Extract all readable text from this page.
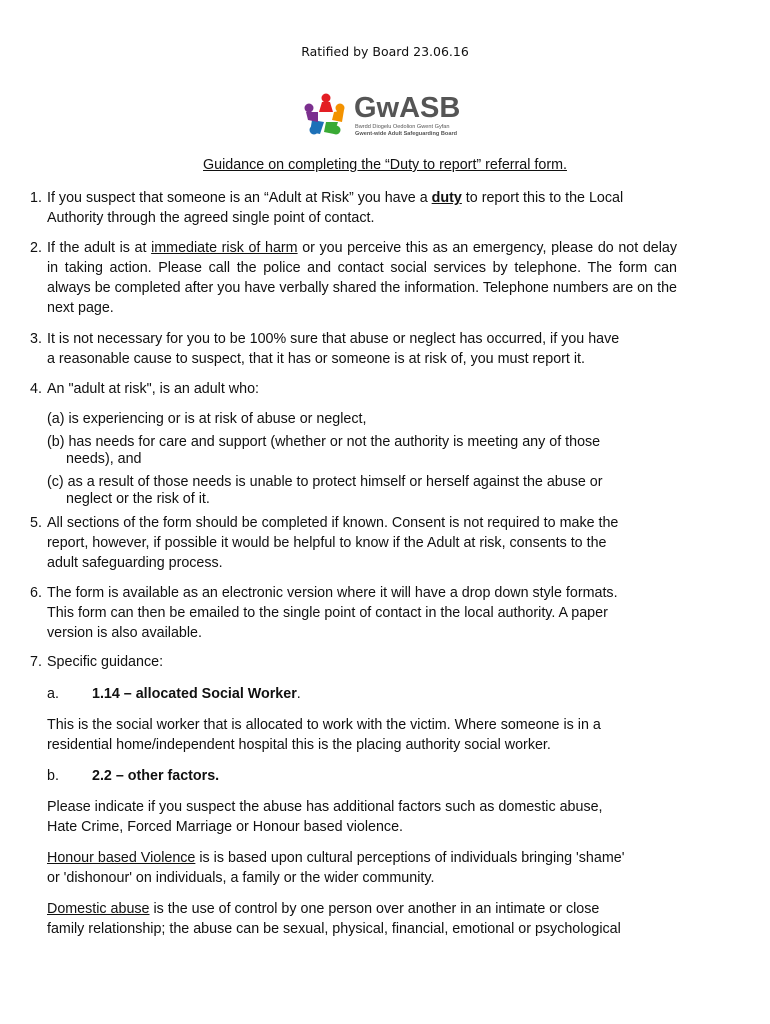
Ratified by Board 23.06.16
GwASB
Bwrdd Diogelu Oedolion Gwent Gyfan
Gwent-wide Adult Safeguarding Board
Guidance on completing the “Duty to report” referral form.
1. If you suspect that someone is an “Adult at Risk” you have a duty to report this to the Local
Authority through the agreed single point of contact.
2. If the adult is at immediate risk of harm or you perceive this as an emergency, please do not delay in taking action. Please call the police and contact social services by telephone. The form can always be completed after you have verbally shared the information. Telephone numbers are on the next page.
3. It is not necessary for you to be 100% sure that abuse or neglect has occurred, if you have
a reasonable cause to suspect, that it has or someone is at risk of, you must report it.
4. An "adult at risk", is an adult who:
(a) is experiencing or is at risk of abuse or neglect,
(b) has needs for care and support (whether or not the authority is meeting any of those
needs), and
(c) as a result of those needs is unable to protect himself or herself against the abuse or
neglect or the risk of it.
5. All sections of the form should be completed if known. Consent is not required to make the
report, however, if possible it would be helpful to know if the Adult at risk, consents to the
adult safeguarding process.
6. The form is available as an electronic version where it will have a drop down style formats.
This form can then be emailed to the single point of contact in the local authority. A paper
version is also available.
7. Specific guidance:
a. 1.14 – allocated Social Worker.
This is the social worker that is allocated to work with the victim. Where someone is in a
residential home/independent hospital this is the placing authority social worker.
b. 2.2 – other factors.
Please indicate if you suspect the abuse has additional factors such as domestic abuse,
Hate Crime, Forced Marriage or Honour based violence.
Honour based Violence is is based upon cultural perceptions of individuals bringing 'shame'
or 'dishonour' on individuals, a family or the wider community.
Domestic abuse is the use of control by one person over another in an intimate or close
family relationship; the abuse can be sexual, physical, financial, emotional or psychological
